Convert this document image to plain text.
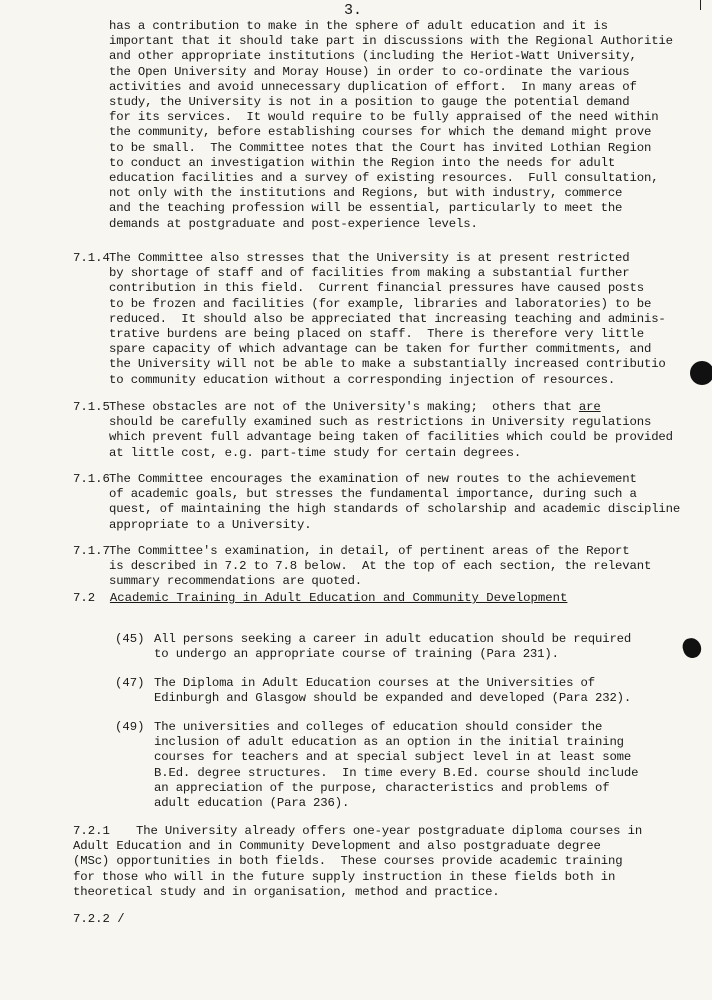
3.
has a contribution to make in the sphere of adult education and it is
important that it should take part in discussions with the Regional Authoritie
and other appropriate institutions (including the Heriot-Watt University,
the Open University and Moray House) in order to co-ordinate the various
activities and avoid unnecessary duplication of effort.  In many areas of
study, the University is not in a position to gauge the potential demand
for its services.  It would require to be fully appraised of the need within
the community, before establishing courses for which the demand might prove
to be small.  The Committee notes that the Court has invited Lothian Region
to conduct an investigation within the Region into the needs for adult
education facilities and a survey of existing resources.  Full consultation,
not only with the institutions and Regions, but with industry, commerce
and the teaching profession will be essential, particularly to meet the
demands at postgraduate and post-experience levels.
7.1.4 The Committee also stresses that the University is at present restricted
by shortage of staff and of facilities from making a substantial further
contribution in this field.  Current financial pressures have caused posts
to be frozen and facilities (for example, libraries and laboratories) to be
reduced.  It should also be appreciated that increasing teaching and adminis-
trative burdens are being placed on staff.  There is therefore very little
spare capacity of which advantage can be taken for further commitments, and
the University will not be able to make a substantially increased contributio
to community education without a corresponding injection of resources.
7.1.5 These obstacles are not of the University's making;  others that are
should be carefully examined such as restrictions in University regulations
which prevent full advantage being taken of facilities which could be provided
at little cost, e.g. part-time study for certain degrees.
7.1.6 The Committee encourages the examination of new routes to the achievement
of academic goals, but stresses the fundamental importance, during such a
quest, of maintaining the high standards of scholarship and academic discipline
appropriate to a University.
7.1.7 The Committee's examination, in detail, of pertinent areas of the Report
is described in 7.2 to 7.8 below.  At the top of each section, the relevant
summary recommendations are quoted.
7.2 Academic Training in Adult Education and Community Development
(45) All persons seeking a career in adult education should be required
to undergo an appropriate course of training (Para 231).
(47) The Diploma in Adult Education courses at the Universities of
Edinburgh and Glasgow should be expanded and developed (Para 232).
(49) The universities and colleges of education should consider the
inclusion of adult education as an option in the initial training
courses for teachers and at special subject level in at least some
B.Ed. degree structures.  In time every B.Ed. course should include
an appreciation of the purpose, characteristics and problems of
adult education (Para 236).
7.2.1	The University already offers one-year postgraduate diploma courses in
Adult Education and in Community Development and also postgraduate degree
(MSc) opportunities in both fields.  These courses provide academic training
for those who will in the future supply instruction in these fields both in
theoretical study and in organisation, method and practice.
7.2.2 /
